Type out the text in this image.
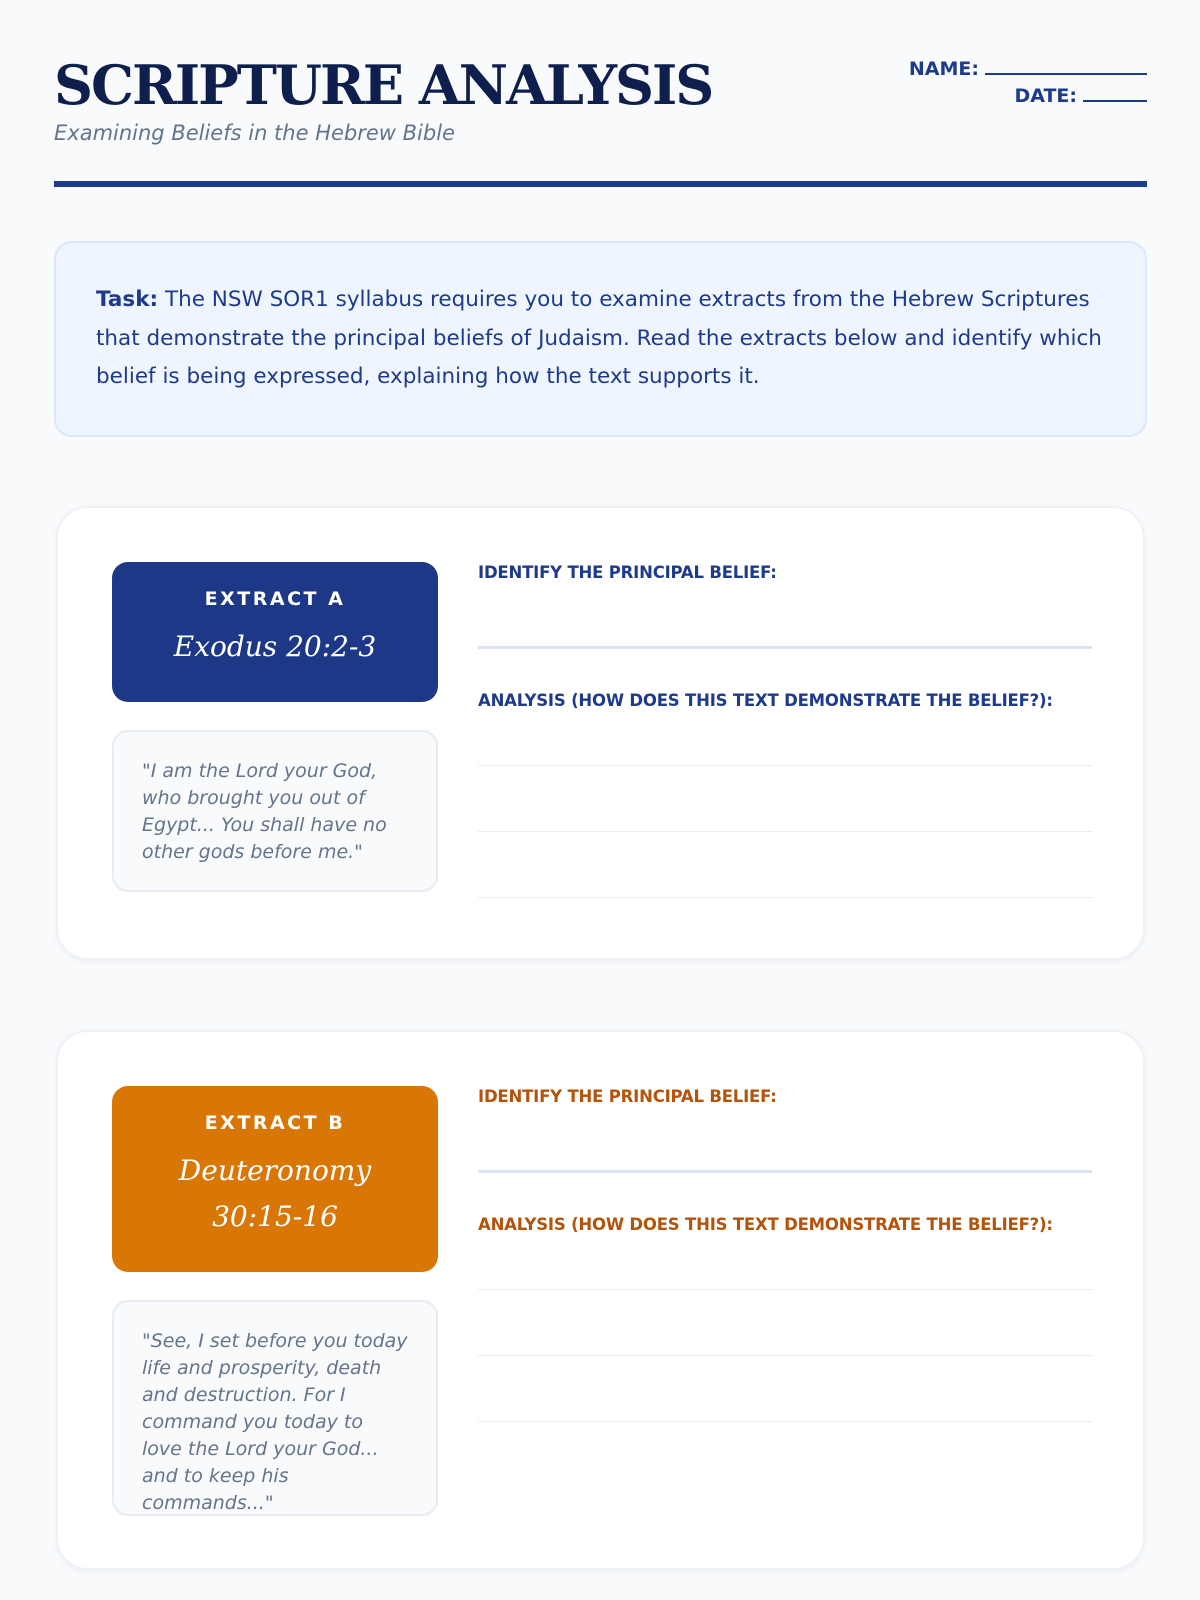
SCRIPTURE ANALYSIS
Examining Beliefs in the Hebrew Bible
NAME:
DATE:
Task: The NSW SOR1 syllabus requires you to examine extracts from the Hebrew Scriptures that demonstrate the principal beliefs of Judaism. Read the extracts below and identify which belief is being expressed, explaining how the text supports it.
EXTRACT A
Exodus 20:2-3
"I am the Lord your God, who brought you out of Egypt... You shall have no other gods before me."
IDENTIFY THE PRINCIPAL BELIEF:
ANALYSIS (HOW DOES THIS TEXT DEMONSTRATE THE BELIEF?):
EXTRACT B
Deuteronomy 30:15-16
"See, I set before you today life and prosperity, death and destruction. For I command you today to love the Lord your God... and to keep his commands..."
IDENTIFY THE PRINCIPAL BELIEF:
ANALYSIS (HOW DOES THIS TEXT DEMONSTRATE THE BELIEF?):
